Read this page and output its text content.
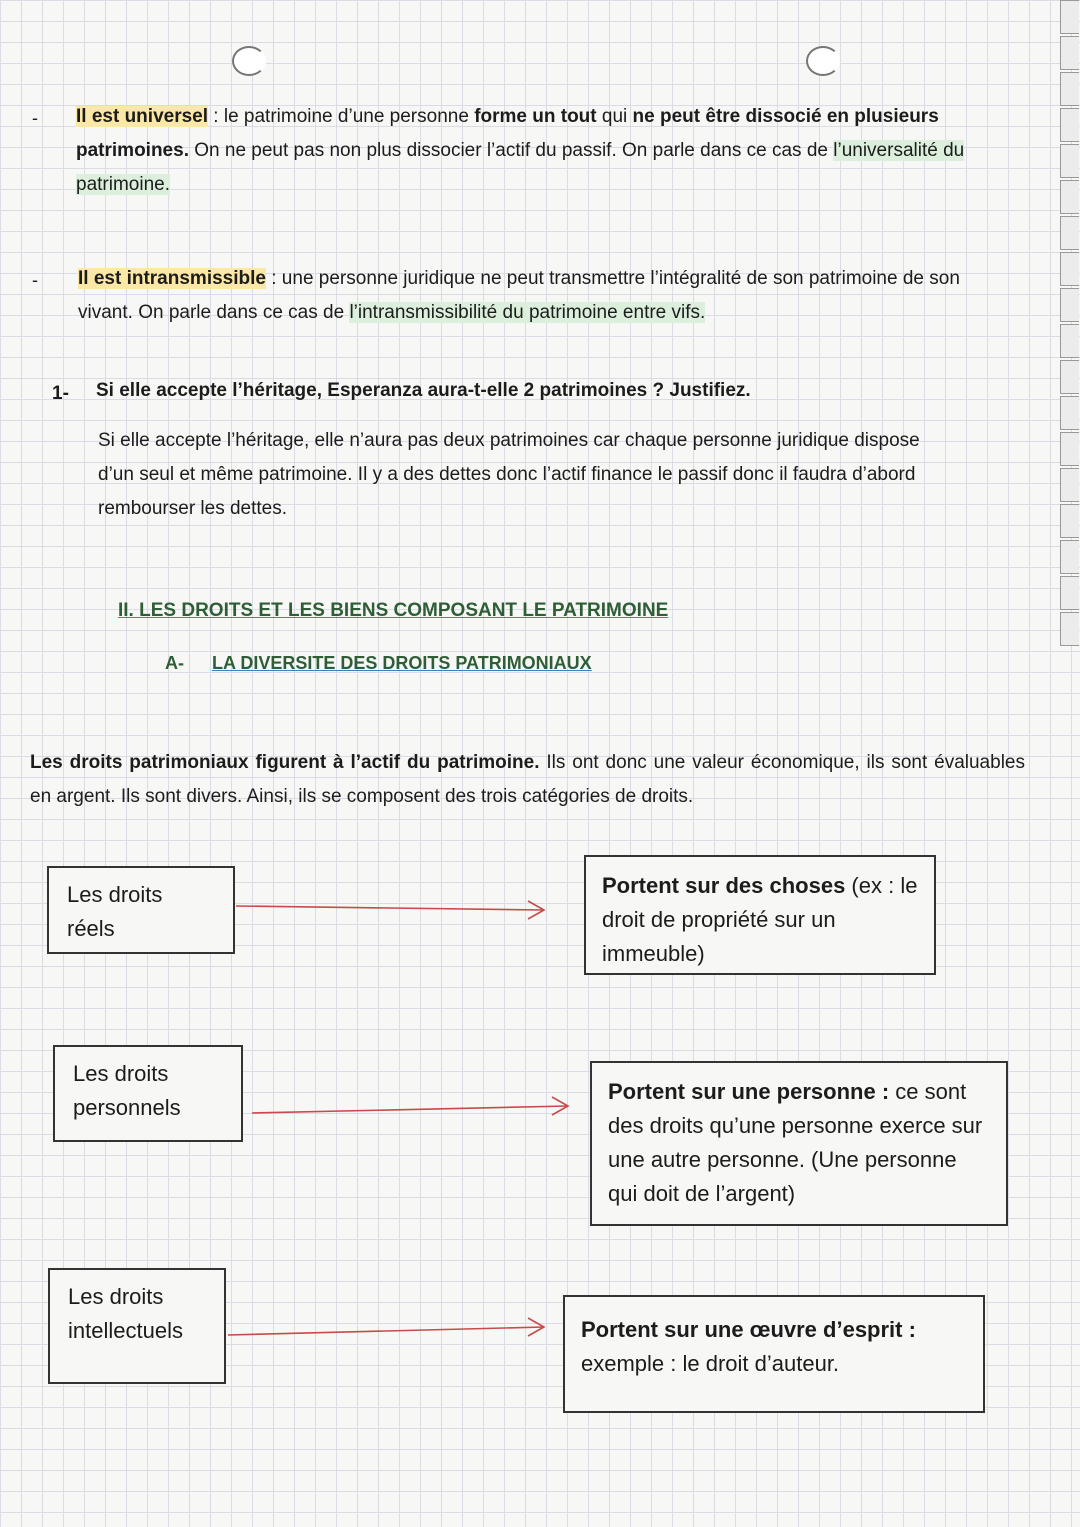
- Il est universel : le patrimoine d’une personne forme un tout qui ne peut être dissocié en plusieurs patrimoines. On ne peut pas non plus dissocier l’actif du passif. On parle dans ce cas de l’universalité du patrimoine.
- Il est intransmissible : une personne juridique ne peut transmettre l’intégralité de son patrimoine de son vivant. On parle dans ce cas de l’intransmissibilité du patrimoine entre vifs.
1- Si elle accepte l’héritage, Esperanza aura-t-elle 2 patrimoines ? Justifiez.
Si elle accepte l’héritage, elle n’aura pas deux patrimoines car chaque personne juridique dispose d’un seul et même patrimoine. Il y a des dettes donc l’actif finance le passif donc il faudra d’abord rembourser les dettes.
II. LES DROITS ET LES BIENS COMPOSANT LE PATRIMOINE
A- LA DIVERSITE DES DROITS PATRIMONIAUX
Les droits patrimoniaux figurent à l’actif du patrimoine. Ils ont donc une valeur économique, ils sont évaluables en argent. Ils sont divers. Ainsi, ils se composent des trois catégories de droits.
Les droits réels
Les droits personnels
Les droits intellectuels
Portent sur des choses (ex : le droit de propriété sur un immeuble)
Portent sur une personne : ce sont des droits qu’une personne exerce sur une autre personne. (Une personne qui doit de l’argent)
Portent sur une œuvre d’esprit : exemple : le droit d’auteur.
